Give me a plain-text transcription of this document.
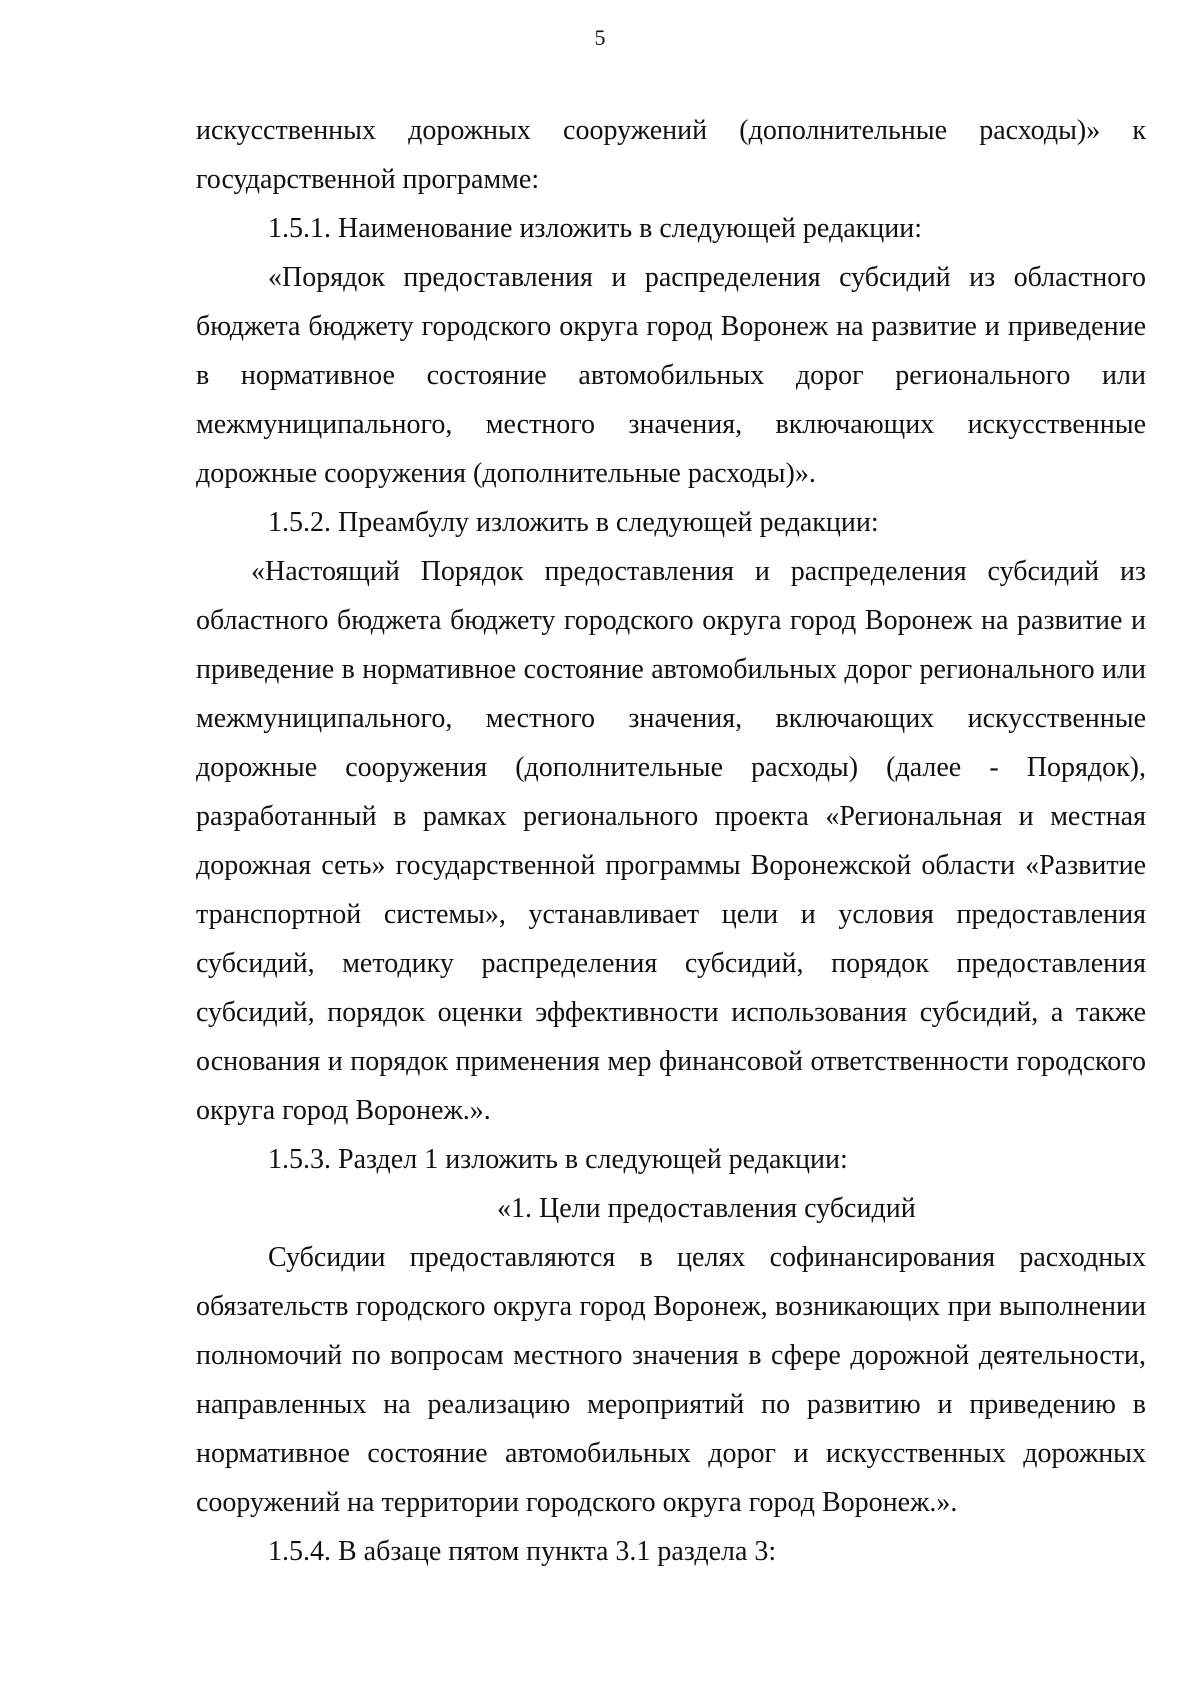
5

искусственных дорожных сооружений (дополнительные расходы)» к государственной программе:

1.5.1. Наименование изложить в следующей редакции:

«Порядок предоставления и распределения субсидий из областного бюджета бюджету городского округа город Воронеж на развитие и приведение в нормативное состояние автомобильных дорог регионального или межмуниципального, местного значения, включающих искусственные дорожные сооружения (дополнительные расходы)».

1.5.2. Преамбулу изложить в следующей редакции:

«Настоящий Порядок предоставления и распределения субсидий из областного бюджета бюджету городского округа город Воронеж на развитие и приведение в нормативное состояние автомобильных дорог регионального или межмуниципального, местного значения, включающих искусственные дорожные сооружения (дополнительные расходы) (далее - Порядок), разработанный в рамках регионального проекта «Региональная и местная дорожная сеть» государственной программы Воронежской области «Развитие транспортной системы», устанавливает цели и условия предоставления субсидий, методику распределения субсидий, порядок предоставления субсидий, порядок оценки эффективности использования субсидий, а также основания и порядок применения мер финансовой ответственности городского округа город Воронеж.».

1.5.3. Раздел 1 изложить в следующей редакции:

«1. Цели предоставления субсидий

Субсидии предоставляются в целях софинансирования расходных обязательств городского округа город Воронеж, возникающих при выполнении полномочий по вопросам местного значения в сфере дорожной деятельности, направленных на реализацию мероприятий по развитию и приведению в нормативное состояние автомобильных дорог и искусственных дорожных сооружений на территории городского округа город Воронеж.».

1.5.4. В абзаце пятом пункта 3.1 раздела 3:
